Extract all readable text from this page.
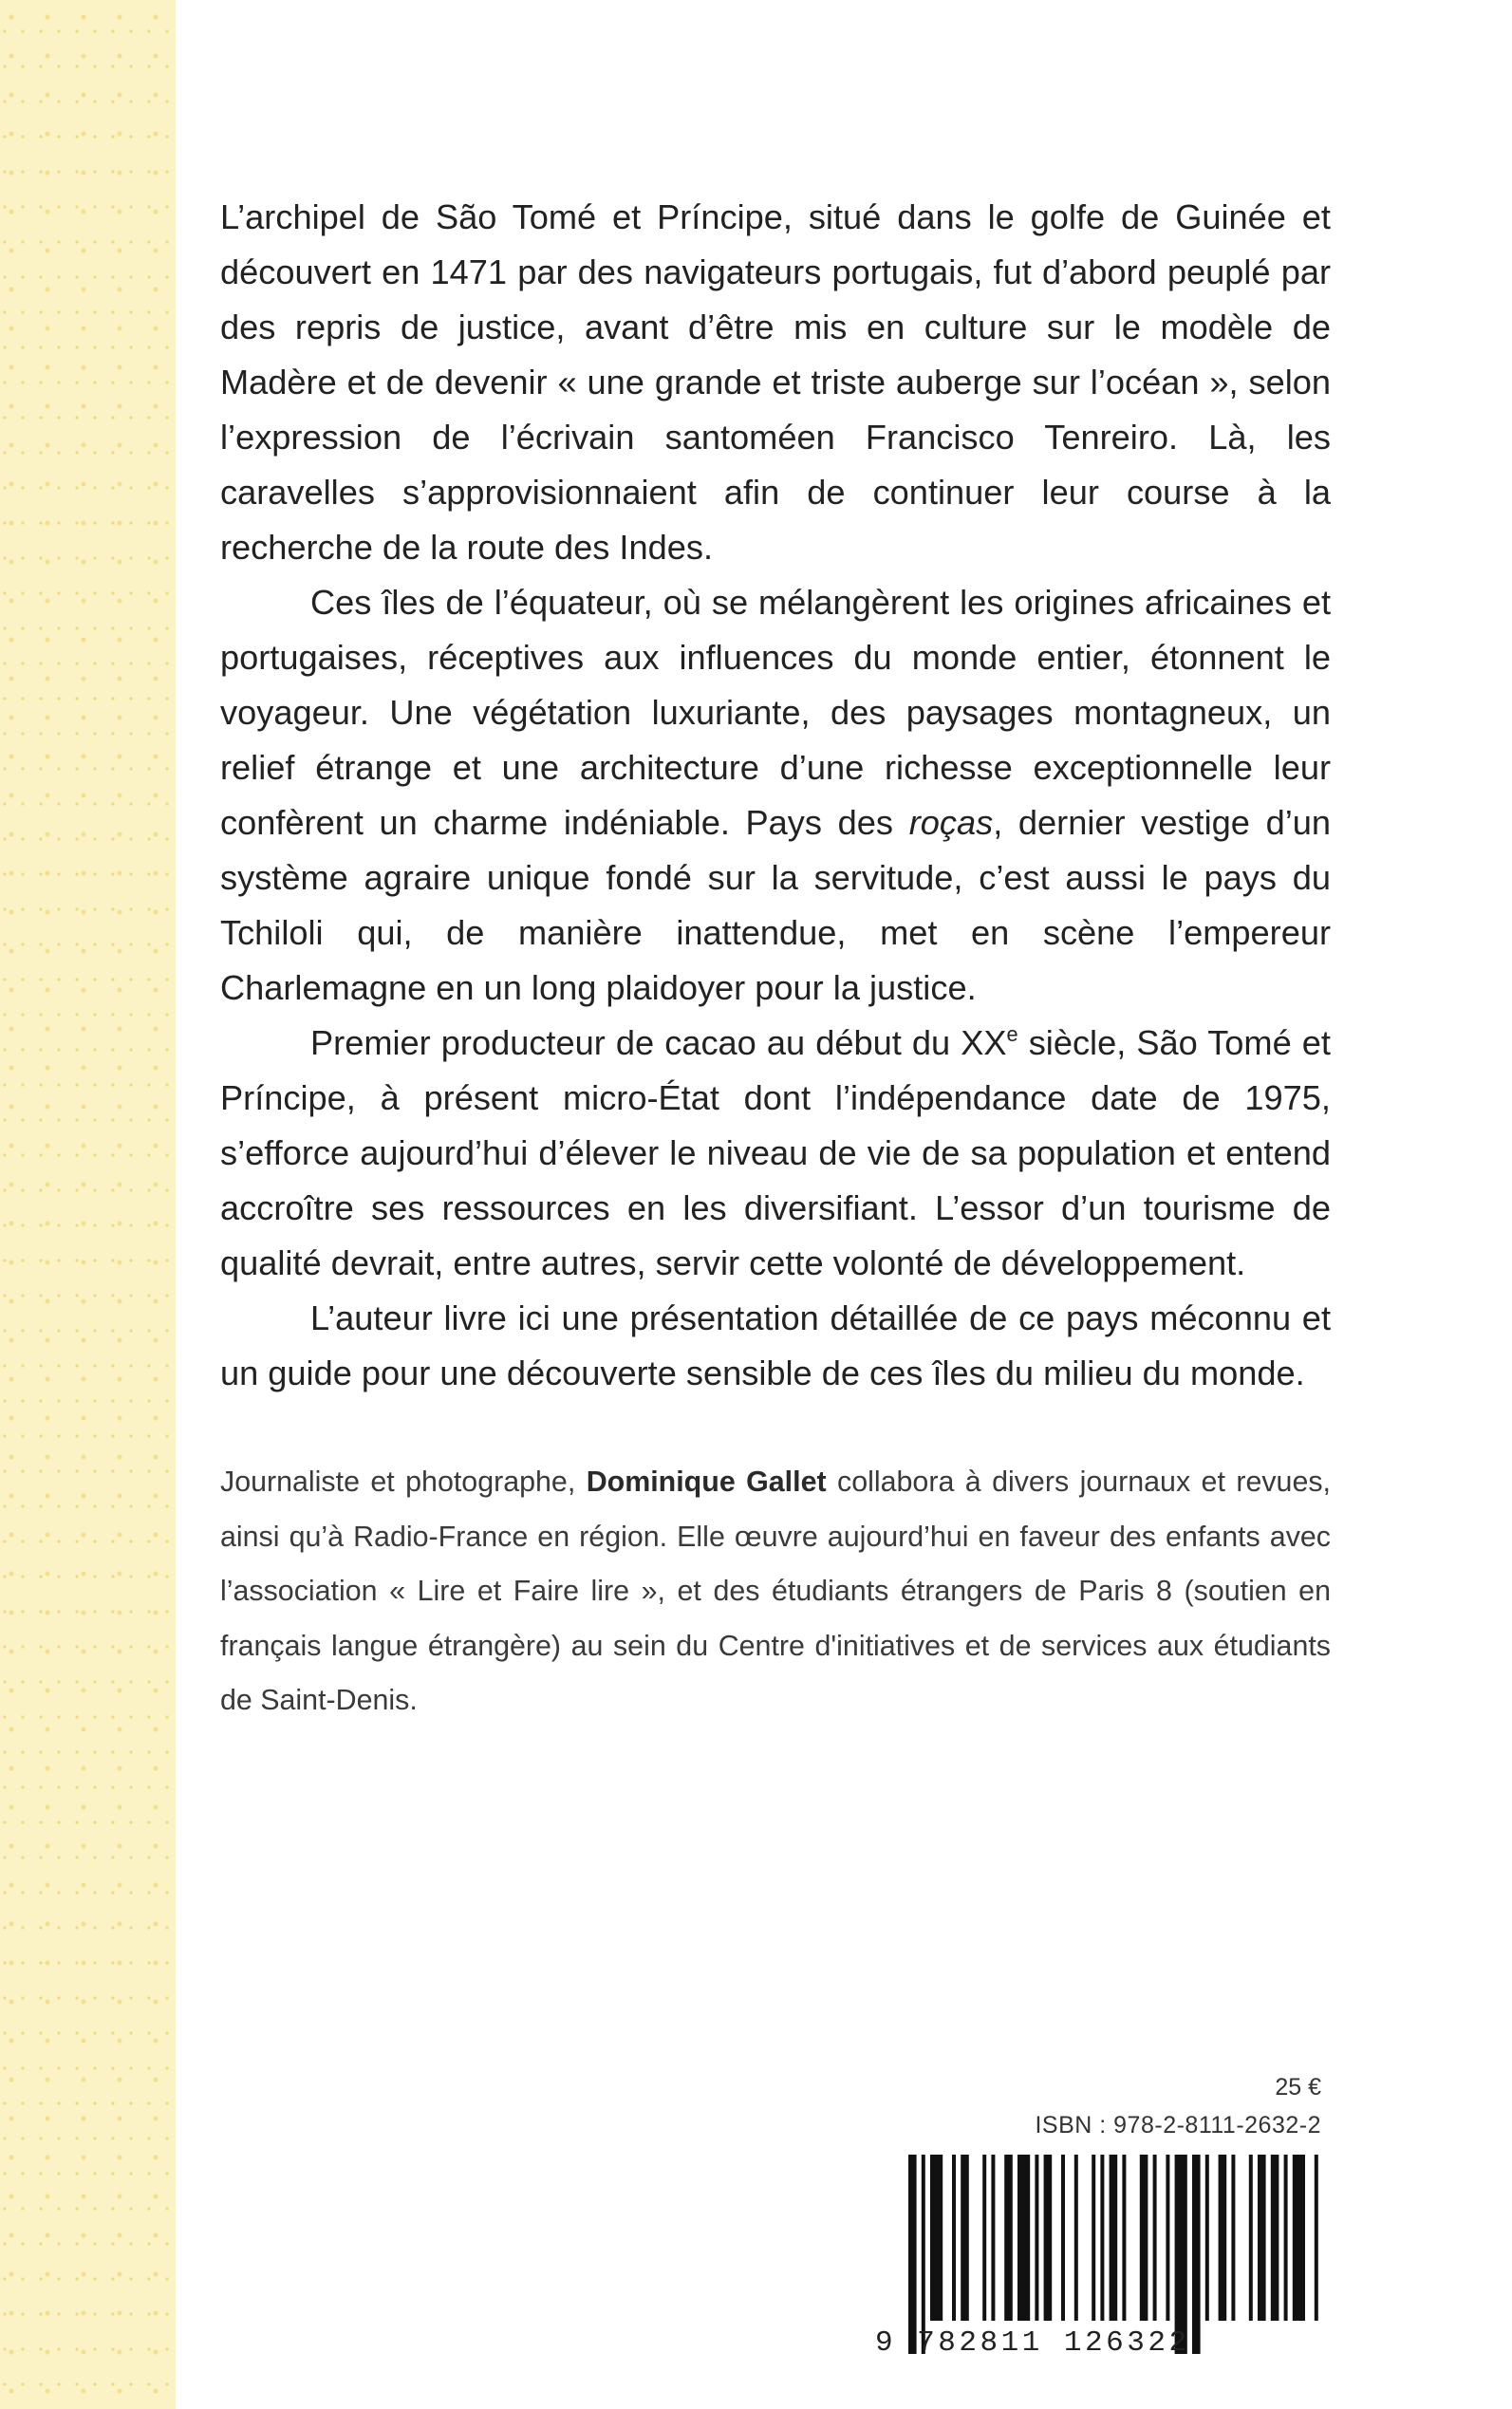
L’archipel de São Tomé et Príncipe, situé dans le golfe de Guinée et découvert en 1471 par des navigateurs portugais, fut d’abord peuplé par des repris de justice, avant d’être mis en culture sur le modèle de Madère et de devenir « une grande et triste auberge sur l’océan », selon l’expression de l’écrivain santoméen Francisco Tenreiro. Là, les caravelles s’approvisionnaient afin de continuer leur course à la recherche de la route des Indes.

Ces îles de l’équateur, où se mélangèrent les origines africaines et portugaises, réceptives aux influences du monde entier, étonnent le voyageur. Une végétation luxuriante, des paysages montagneux, un relief étrange et une architecture d’une richesse exceptionnelle leur confèrent un charme indéniable. Pays des roças, dernier vestige d’un système agraire unique fondé sur la servitude, c’est aussi le pays du Tchiloli qui, de manière inattendue, met en scène l’empereur Charlemagne en un long plaidoyer pour la justice.

Premier producteur de cacao au début du XXe siècle, São Tomé et Príncipe, à présent micro-État dont l’indépendance date de 1975, s’efforce aujourd’hui d’élever le niveau de vie de sa population et entend accroître ses ressources en les diversifiant. L’essor d’un tourisme de qualité devrait, entre autres, servir cette volonté de développement.

L’auteur livre ici une présentation détaillée de ce pays méconnu et un guide pour une découverte sensible de ces îles du milieu du monde.

Journaliste et photographe, Dominique Gallet collabora à divers journaux et revues, ainsi qu’à Radio-France en région. Elle œuvre aujourd’hui en faveur des enfants avec l’association « Lire et Faire lire », et des étudiants étrangers de Paris 8 (soutien en français langue étrangère) au sein du Centre d'initiatives et de services aux étudiants de Saint-Denis.
25 €
ISBN : 978-2-8111-2632-2
9 782811 126322
